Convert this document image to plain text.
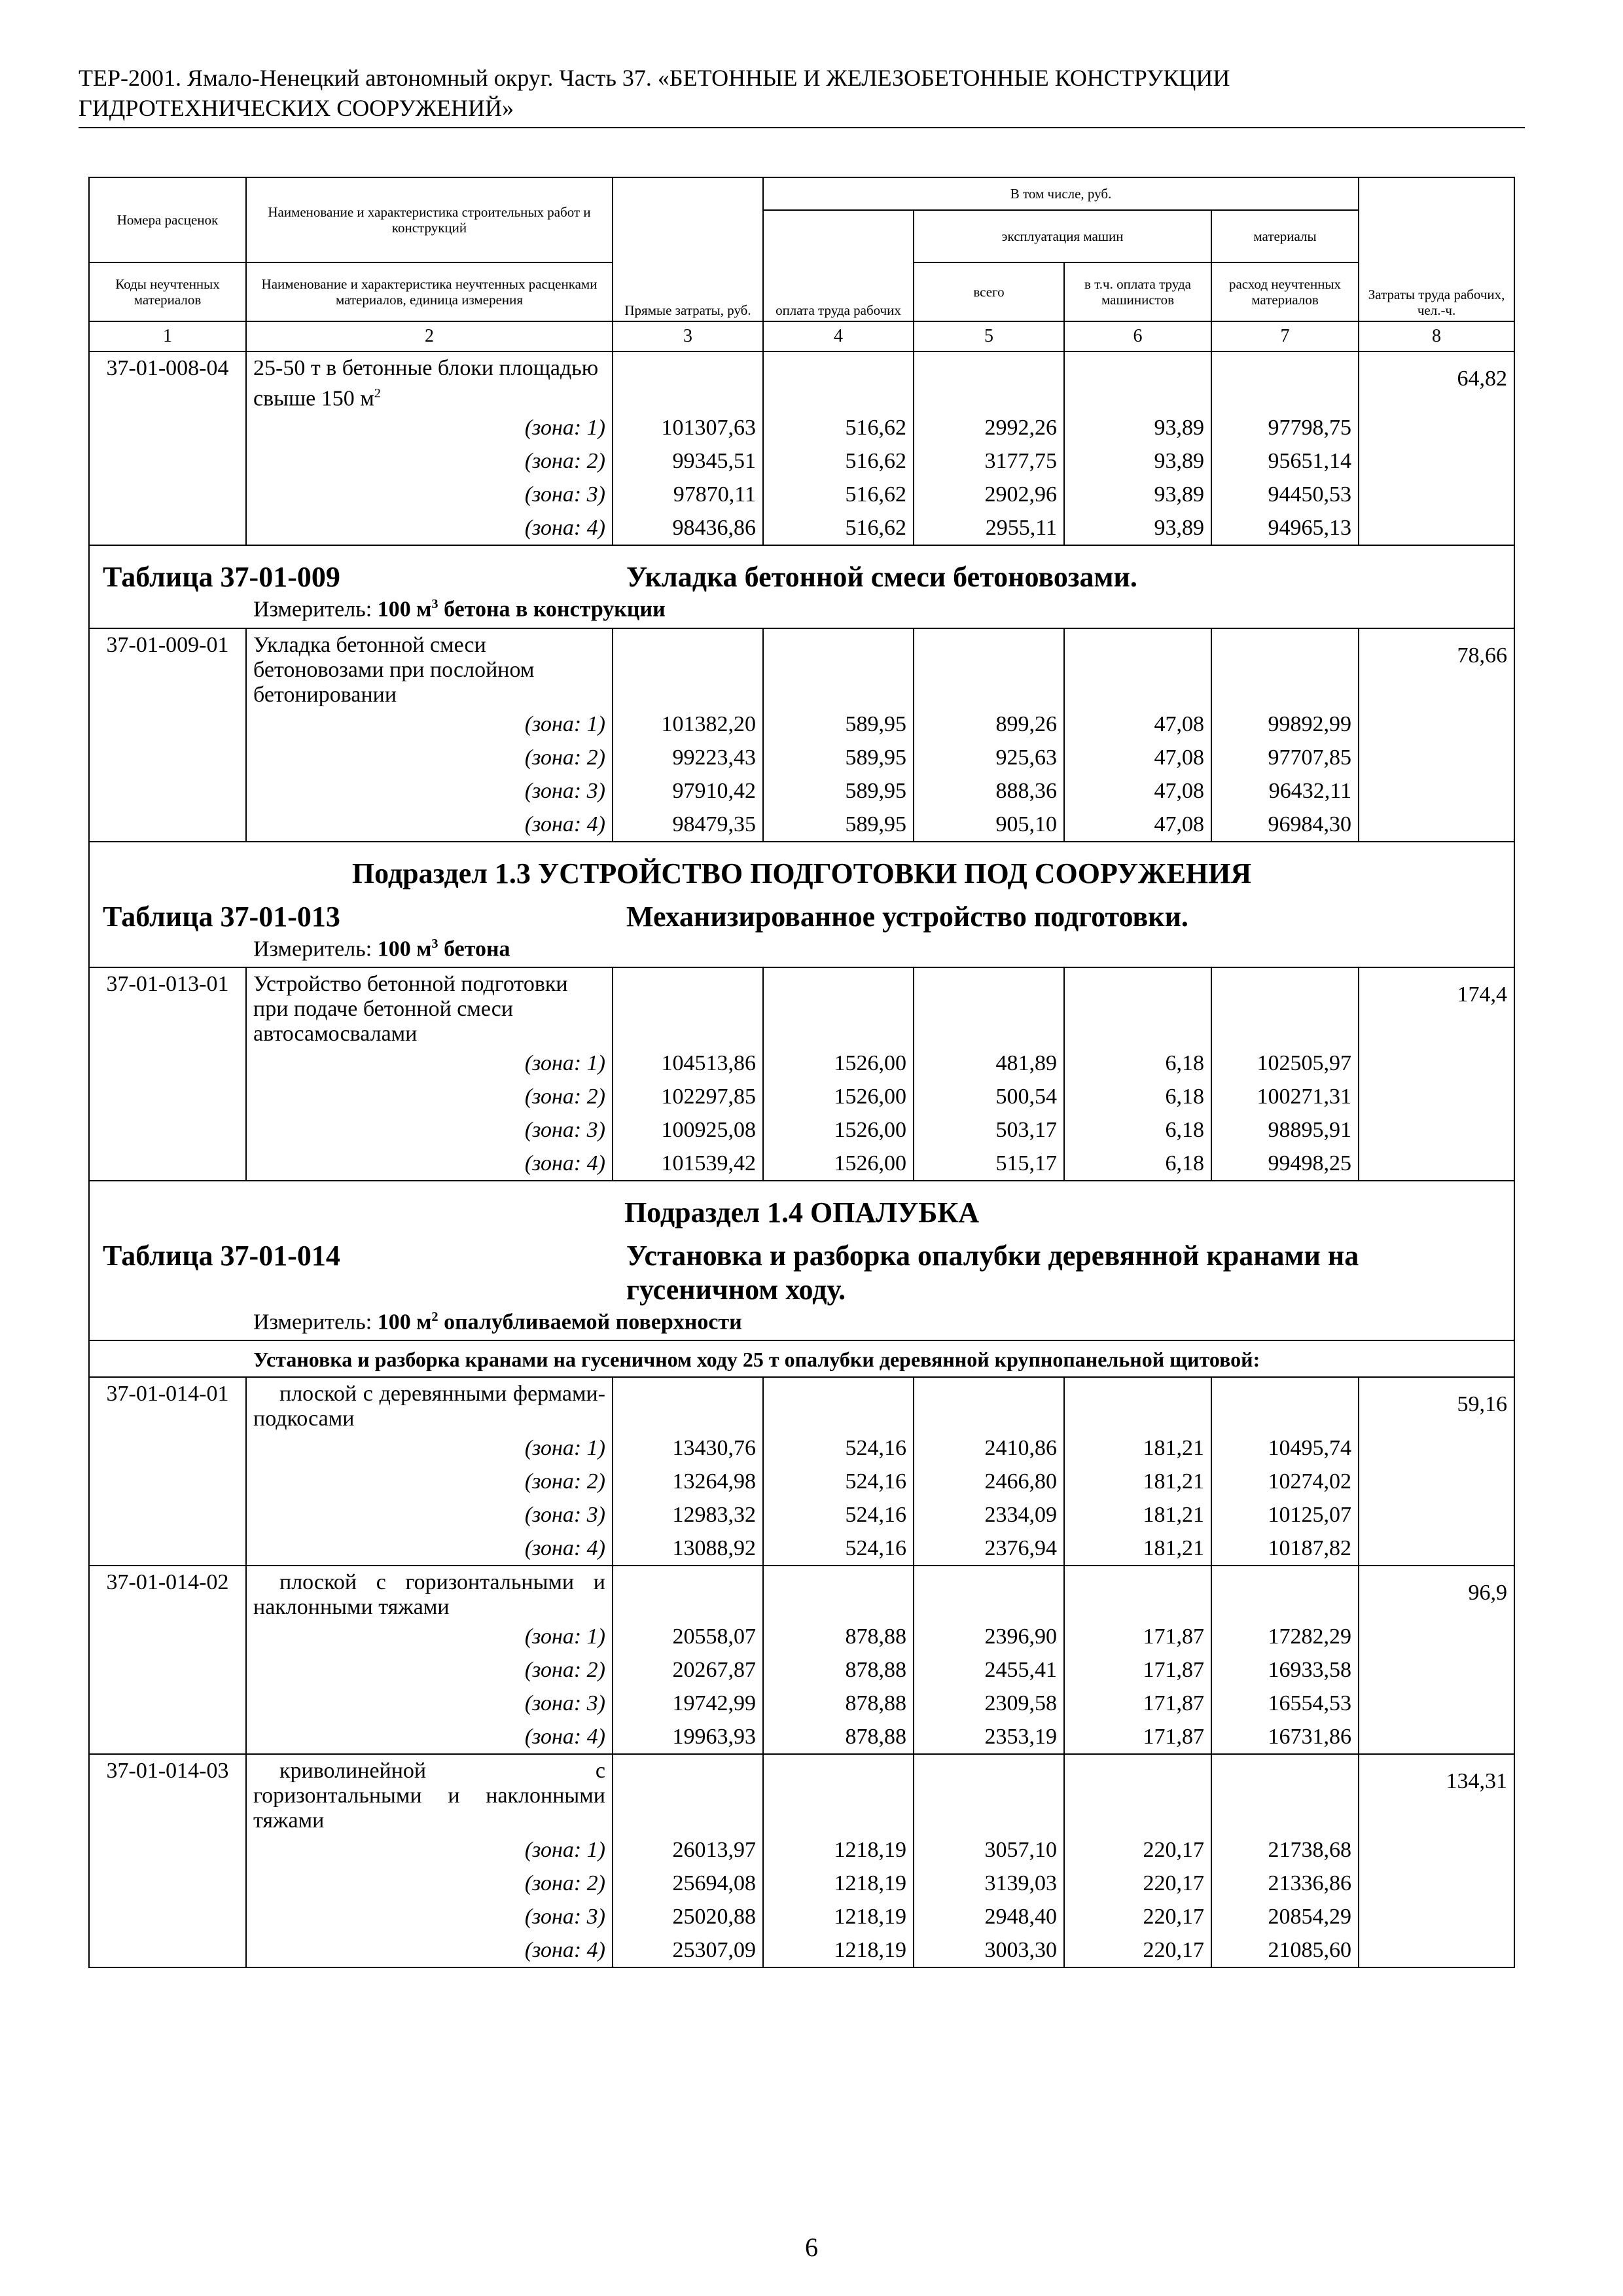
ТЕР-2001. Ямало-Ненецкий автономный округ. Часть 37. «БЕТОННЫЕ И ЖЕЛЕЗОБЕТОННЫЕ КОНСТРУКЦИИ
ГИДРОТЕХНИЧЕСКИХ СООРУЖЕНИЙ»
Номера расценок	Наименование и характеристика строительных работ и конструкций	Прямые затраты, руб.	В том числе, руб.				Затраты труда рабочих, чел.-ч.
			оплата труда рабочих	эксплуатация машин		материалы	
Коды неучтенных материалов	Наименование и характеристика неучтенных расценками материалов, единица измерения			всего	в т.ч. оплата труда машинистов	расход неучтенных материалов	
1	2	3	4	5	6	7	8
37-01-008-04	25-50 т в бетонные блоки площадью свыше 150 $м^2$						64,82
	(зона: 1)	101307,63	516,62	2992,26	93,89	97798,75	
	(зона: 2)	99345,51	516,62	3177,75	93,89	95651,14	
	(зона: 3)	97870,11	516,62	2902,96	93,89	94450,53	
	(зона: 4)	98436,86	516,62	2955,11	93,89	94965,13	

Таблица 37-01-009 Укладка бетонной смеси бетоновозами.
Измеритель: 100 $м^3$ бетона в конструкции							

37-01-009-01	Укладка бетонной смеси бетоновозами при послойном бетонировании						78,66
	(зона: 1)	101382,20	589,95	899,26	47,08	99892,99	
	(зона: 2)	99223,43	589,95	925,63	47,08	97707,85	
	(зона: 3)	97910,42	589,95	888,36	47,08	96432,11	
	(зона: 4)	98479,35	589,95	905,10	47,08	96984,30	

Подраздел 1.3 УСТРОЙСТВО ПОДГОТОВКИ ПОД СООРУЖЕНИЯ
Таблица 37-01-013 Механизированное устройство подготовки.
Измеритель: 100 $м^3$ бетона							

37-01-013-01	Устройство бетонной подготовки при подаче бетонной смеси автосамосвалами						174,4
	(зона: 1)	104513,86	1526,00	481,89	6,18	102505,97	
	(зона: 2)	102297,85	1526,00	500,54	6,18	100271,31	
	(зона: 3)	100925,08	1526,00	503,17	6,18	98895,91	
	(зона: 4)	101539,42	1526,00	515,17	6,18	99498,25	

Подраздел 1.4 ОПАЛУБКА
Таблица 37-01-014 Установка и разборка опалубки деревянной кранами на гусеничном ходу.
Измеритель: 100 $м^2$ опалубливаемой поверхности							

Установка и разборка кранами на гусеничном ходу 25 т опалубки деревянной крупнопанельной щитовой:							
37-01-014-01	плоской с деревянными фермами-подкосами						59,16
	(зона: 1)	13430,76	524,16	2410,86	181,21	10495,74	
	(зона: 2)	13264,98	524,16	2466,80	181,21	10274,02	
	(зона: 3)	12983,32	524,16	2334,09	181,21	10125,07	
	(зона: 4)	13088,92	524,16	2376,94	181,21	10187,82	
37-01-014-02	плоской с горизонтальными и наклонными тяжами						96,9
	(зона: 1)	20558,07	878,88	2396,90	171,87	17282,29	
	(зона: 2)	20267,87	878,88	2455,41	171,87	16933,58	
	(зона: 3)	19742,99	878,88	2309,58	171,87	16554,53	
	(зона: 4)	19963,93	878,88	2353,19	171,87	16731,86	
37-01-014-03	криволинейной с горизонтальными и наклонными тяжами						134,31
	(зона: 1)	26013,97	1218,19	3057,10	220,17	21738,68	
	(зона: 2)	25694,08	1218,19	3139,03	220,17	21336,86	
	(зона: 3)	25020,88	1218,19	2948,40	220,17	20854,29	
	(зона: 4)	25307,09	1218,19	3003,30	220,17	21085,60	
6
